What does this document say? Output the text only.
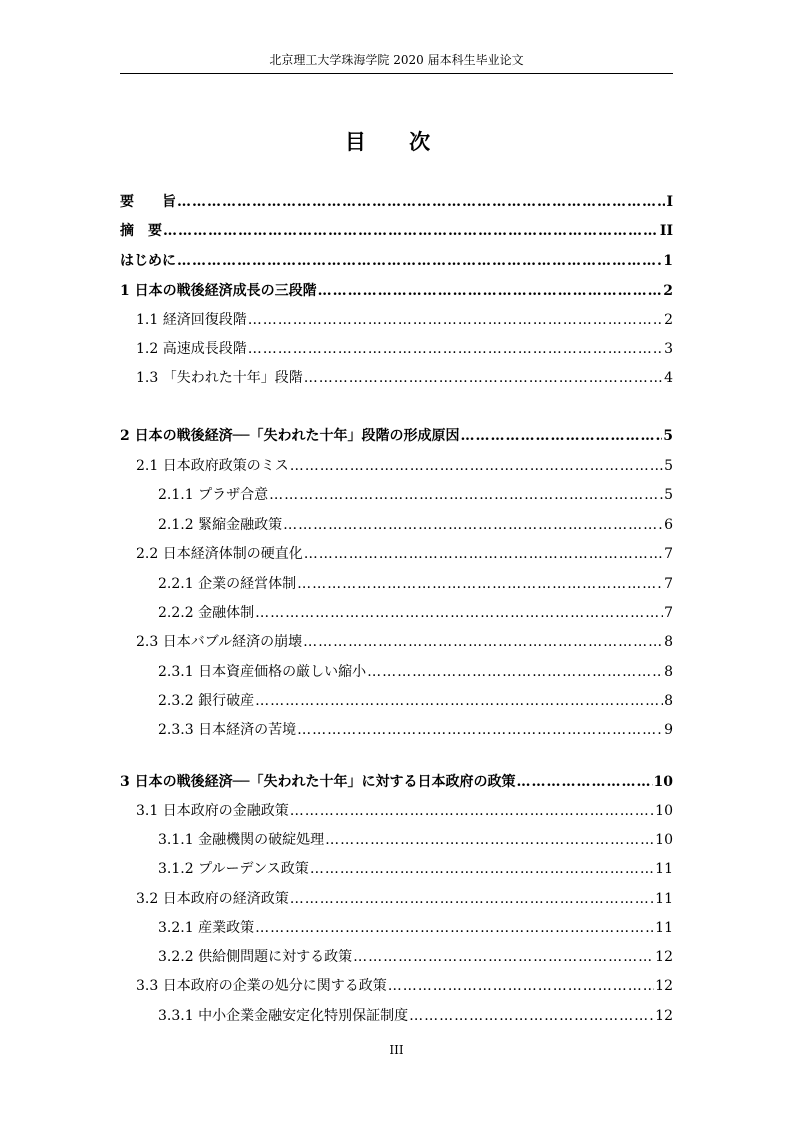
北京理工大学珠海学院 2020 届本科生毕业论文
目 次
要　　旨 ………………………………………………………………………………………………………………………………………………………………………………	I
摘　要 ………………………………………………………………………………………………………………………………………………………………………………	II
はじめに ………………………………………………………………………………………………………………………………………………………………………………	1
1 日本の戦後経済成長の三段階 ………………………………………………………………………………………………………………………………………………………………………………	2
1.1 経済回復段階 ………………………………………………………………………………………………………………………………………………………………………………	2
1.2 高速成長段階 ………………………………………………………………………………………………………………………………………………………………………………	3
1.3 「失われた十年」段階 ………………………………………………………………………………………………………………………………………………………………………………	4
2 日本の戦後経済──「失われた十年」段階の形成原因 ………………………………………………………………………………………………………………………………………………………………………………	5
2.1 日本政府政策のミス ………………………………………………………………………………………………………………………………………………………………………………	5
2.1.1 プラザ合意 ………………………………………………………………………………………………………………………………………………………………………………	5
2.1.2 緊縮金融政策 ………………………………………………………………………………………………………………………………………………………………………………	6
2.2 日本経済体制の硬直化 ………………………………………………………………………………………………………………………………………………………………………………	7
2.2.1 企業の経営体制 ………………………………………………………………………………………………………………………………………………………………………………	7
2.2.2 金融体制 ………………………………………………………………………………………………………………………………………………………………………………	7
2.3 日本バブル経済の崩壊 ………………………………………………………………………………………………………………………………………………………………………………	8
2.3.1 日本資産価格の厳しい縮小 ………………………………………………………………………………………………………………………………………………………………………………	8
2.3.2 銀行破産 ………………………………………………………………………………………………………………………………………………………………………………	8
2.3.3 日本経済の苦境 ………………………………………………………………………………………………………………………………………………………………………………	9
3 日本の戦後経済──「失われた十年」に対する日本政府の政策 ………………………………………………………………………………………………………………………………………………………………………………	10
3.1 日本政府の金融政策 ………………………………………………………………………………………………………………………………………………………………………………	10
3.1.1 金融機関の破綻処理 ………………………………………………………………………………………………………………………………………………………………………………	10
3.1.2 プルーデンス政策 ………………………………………………………………………………………………………………………………………………………………………………	11
3.2 日本政府の経済政策 ………………………………………………………………………………………………………………………………………………………………………………	11
3.2.1 産業政策 ………………………………………………………………………………………………………………………………………………………………………………	11
3.2.2 供給側問題に対する政策 ………………………………………………………………………………………………………………………………………………………………………………	12
3.3 日本政府の企業の処分に関する政策 ………………………………………………………………………………………………………………………………………………………………………………	12
3.3.1 中小企業金融安定化特別保証制度 ………………………………………………………………………………………………………………………………………………………………………………	12
III
